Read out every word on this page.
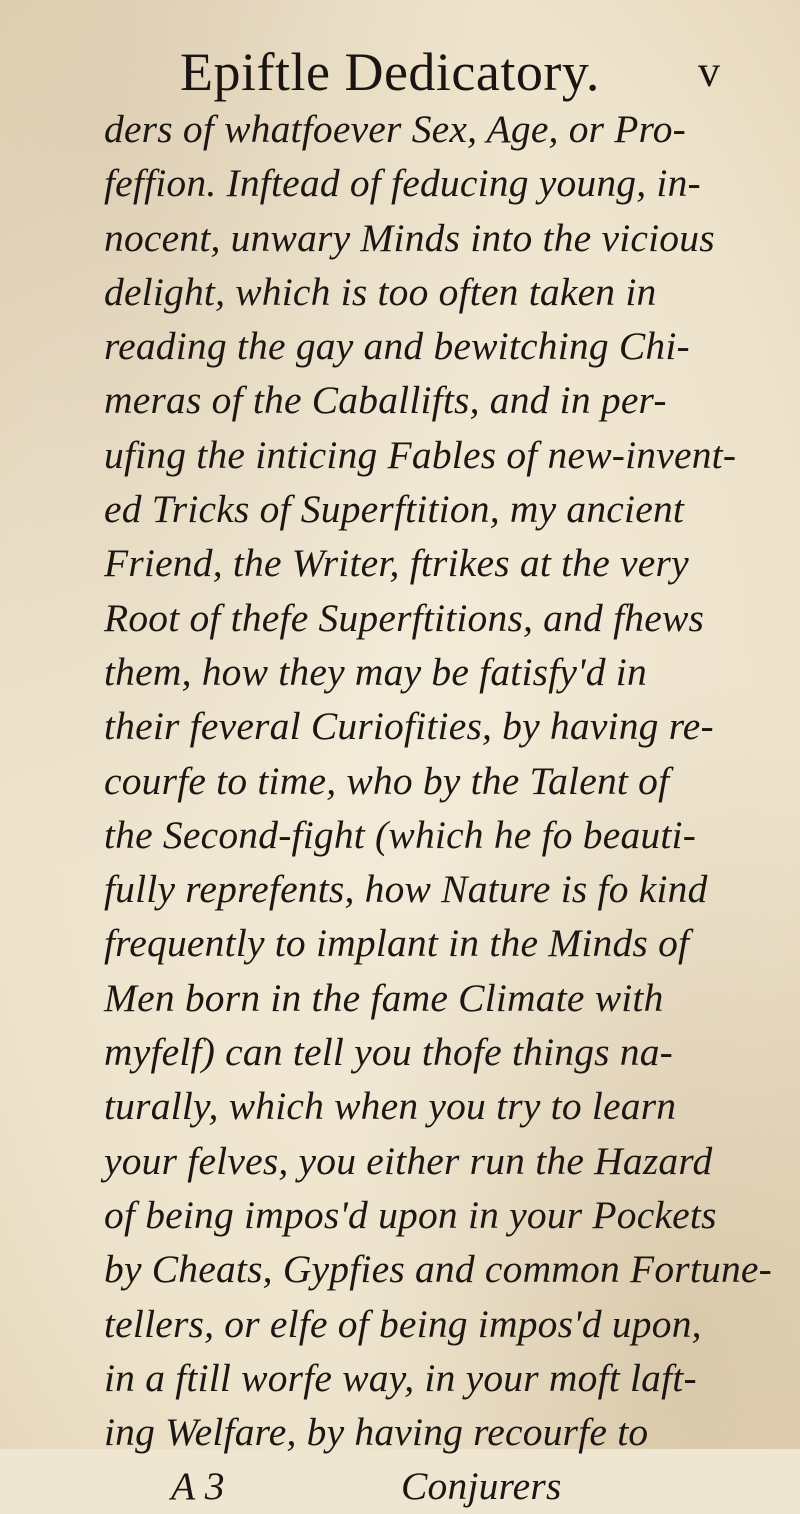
Epiftle Dedicatory. v
ders of whatfoever Sex, Age, or Pro-
feffion. Inftead of feducing young, in-
nocent, unwary Minds into the vicious
delight, which is too often taken in
reading the gay and bewitching Chi-
meras of the Caballifts, and in per-
ufing the inticing Fables of new-invent-
ed Tricks of Superftition, my ancient
Friend, the Writer, ftrikes at the very
Root of thefe Superftitions, and fhews
them, how they may be fatisfy'd in
their feveral Curiofities, by having re-
courfe to time, who by the Talent of
the Second-fight (which he fo beauti-
fully reprefents, how Nature is fo kind
frequently to implant in the Minds of
Men born in the fame Climate with
myfelf) can tell you thofe things na-
turally, which when you try to learn
your felves, you either run the Hazard
of being impos'd upon in your Pockets
by Cheats, Gypfies and common Fortune-
tellers, or elfe of being impos'd upon,
in a ftill worfe way, in your moft laft-
ing Welfare, by having recourfe to
A 3	Conjurers
